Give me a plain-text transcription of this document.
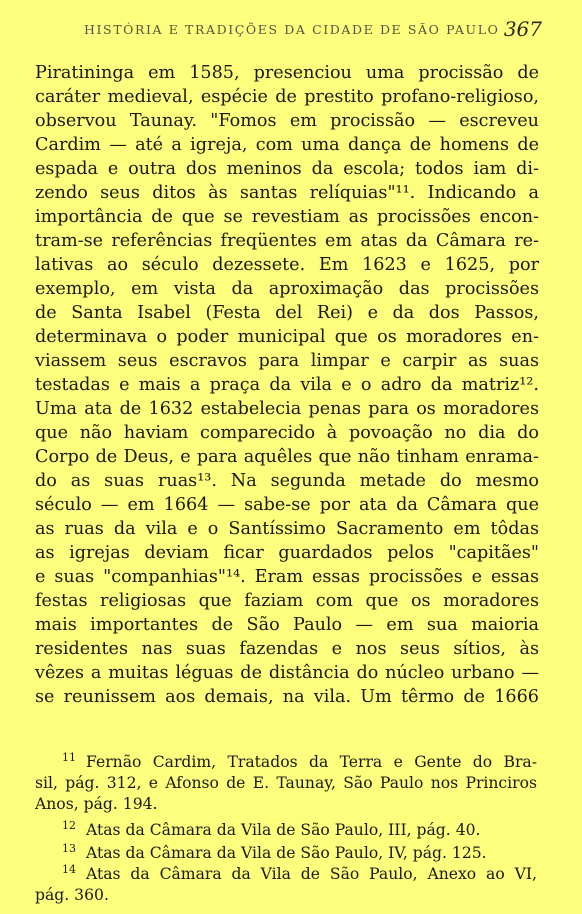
HISTÓRIA E TRADIÇÕES DA CIDADE DE SÃO PAULO 367
Piratininga em 1585, presenciou uma procissão de
caráter medieval, espécie de prestito profano-religioso,
observou Taunay. "Fomos em procissão — escreveu
Cardim — até a igreja, com uma dança de homens de
espada e outra dos meninos da escola; todos iam di-
zendo seus ditos às santas relíquias"¹¹. Indicando a
importância de que se revestiam as procissões encon-
tram-se referências freqüentes em atas da Câmara re-
lativas ao século dezessete. Em 1623 e 1625, por
exemplo, em vista da aproximação das procissões
de Santa Isabel (Festa del Rei) e da dos Passos,
determinava o poder municipal que os moradores en-
viassem seus escravos para limpar e carpir as suas
testadas e mais a praça da vila e o adro da matriz¹².
Uma ata de 1632 estabelecia penas para os moradores
que não haviam comparecido à povoação no dia do
Corpo de Deus, e para aquêles que não tinham enrama-
do as suas ruas¹³. Na segunda metade do mesmo
século — em 1664 — sabe-se por ata da Câmara que
as ruas da vila e o Santíssimo Sacramento em tôdas
as igrejas deviam ficar guardados pelos "capitães"
e suas "companhias"¹⁴. Eram essas procissões e essas
festas religiosas que faziam com que os moradores
mais importantes de São Paulo — em sua maioria
residentes nas suas fazendas e nos seus sítios, às
vêzes a muitas léguas de distância do núcleo urbano —
se reunissem aos demais, na vila. Um têrmo de 1666
$^{11}$ Fernão Cardim, Tratados da Terra e Gente do Bra-
sil, pág. 312, e Afonso de E. Taunay, São Paulo nos Princiros
Anos, pág. 194.
$^{12}$ Atas da Câmara da Vila de São Paulo, III, pág. 40.
$^{13}$ Atas da Câmara da Vila de São Paulo, IV, pág. 125.
$^{14}$ Atas da Câmara da Vila de São Paulo, Anexo ao VI,
pág. 360.
